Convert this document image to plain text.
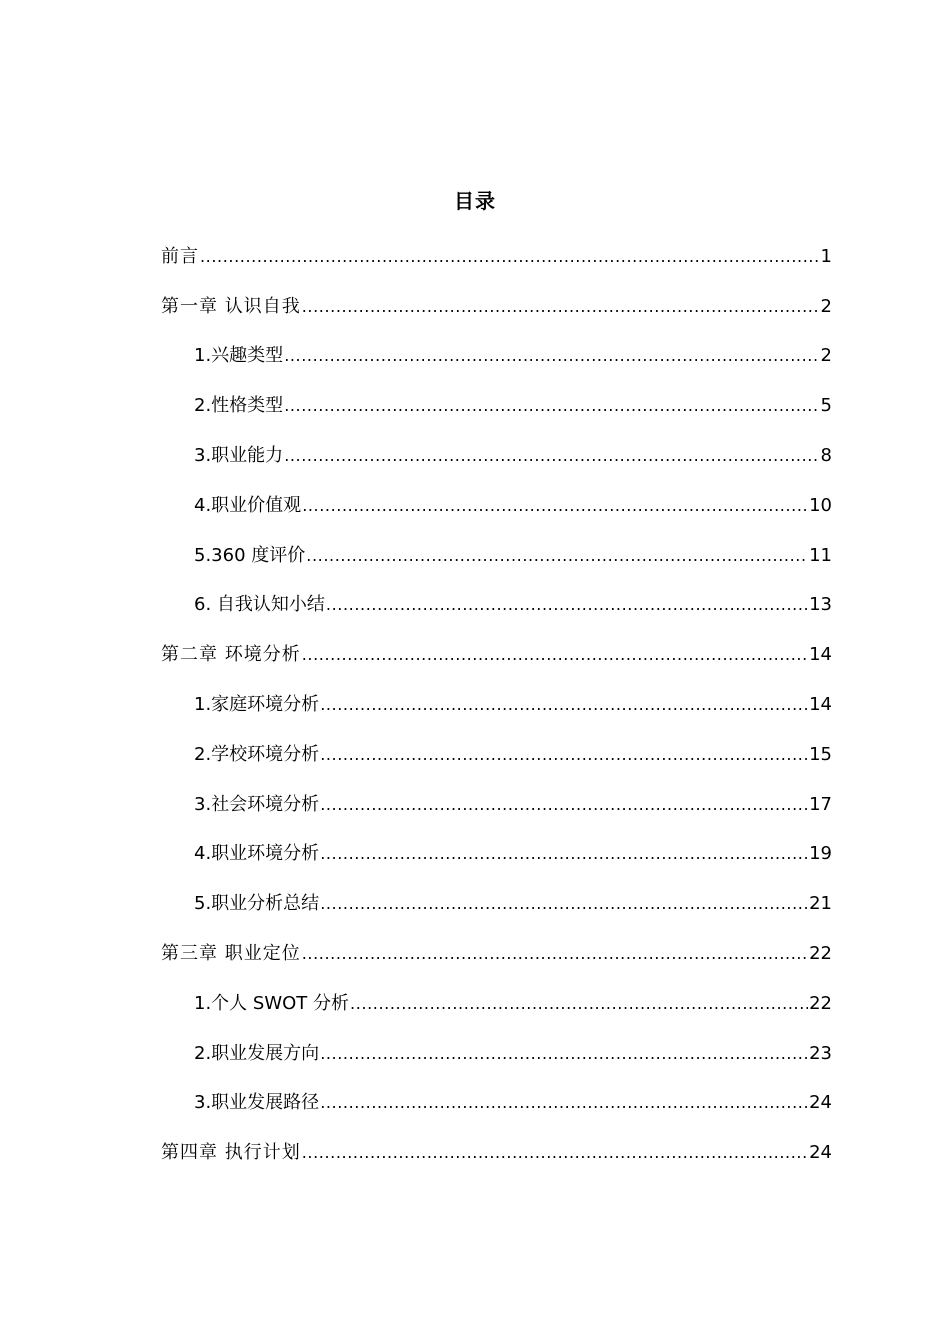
目录
前言 .....	1
第一章 认识自我 .....	2
1.兴趣类型 .....	2
2.性格类型 .....	5
3.职业能力 .....	8
4.职业价值观 .....	10
5.360 度评价 .....	11
6. 自我认知小结 .....	13
第二章 环境分析 .....	14
1.家庭环境分析 .....	14
2.学校环境分析 .....	15
3.社会环境分析 .....	17
4.职业环境分析 .....	19
5.职业分析总结 .....	21
第三章 职业定位 .....	22
1.个人 SWOT 分析 .....	22
2.职业发展方向 .....	23
3.职业发展路径 .....	24
第四章 执行计划 .....	24
